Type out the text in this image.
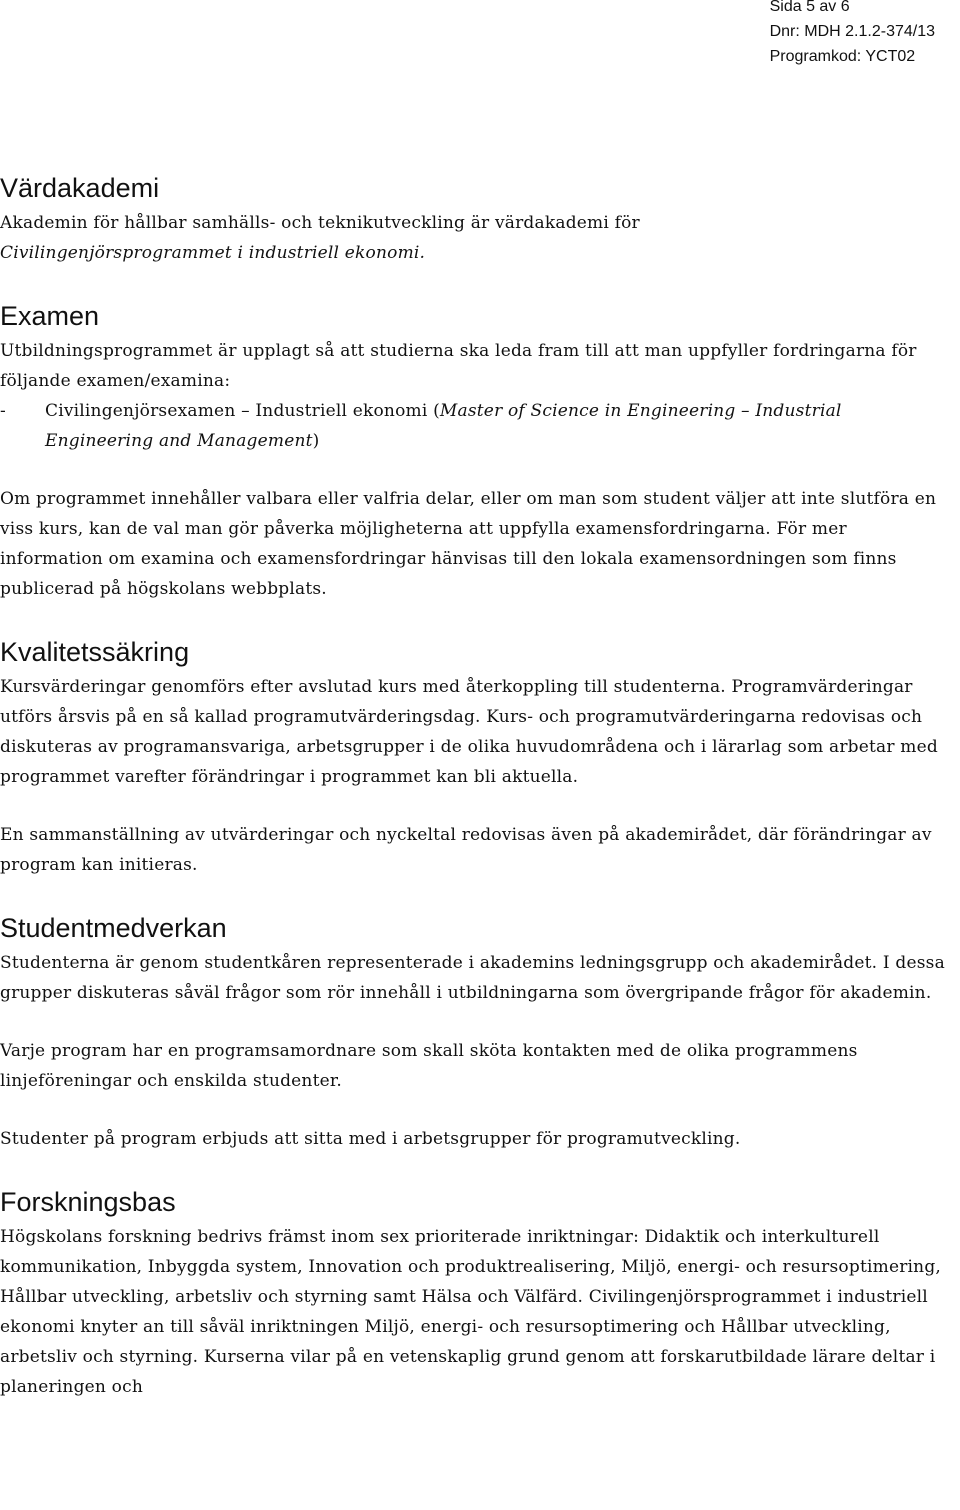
Sida 5 av 6
Dnr: MDH 2.1.2-374/13
Programkod: YCT02
Värdakademi

Akademin för hållbar samhälls- och teknikutveckling är värdakademi för
Civilingenjörsprogrammet i industriell ekonomi.

Examen

Utbildningsprogrammet är upplagt så att studierna ska leda fram till att man uppfyller fordringarna för följande examen/examina:

-	Civilingenjörsexamen – Industriell ekonomi (Master of Science in Engineering – Industrial Engineering and Management)

Om programmet innehåller valbara eller valfria delar, eller om man som student väljer att inte slutföra en viss kurs, kan de val man gör påverka möjligheterna att uppfylla examensfordringarna. För mer information om examina och examensfordringar hänvisas till den lokala examensordningen som finns publicerad på högskolans webbplats.

Kvalitetssäkring

Kursvärderingar genomförs efter avslutad kurs med återkoppling till studenterna. Programvärderingar utförs årsvis på en så kallad programutvärderingsdag. Kurs- och programutvärderingarna redovisas och diskuteras av programansvariga, arbetsgrupper i de olika huvudområdena och i lärarlag som arbetar med programmet varefter förändringar i programmet kan bli aktuella.

En sammanställning av utvärderingar och nyckeltal redovisas även på akademirådet, där förändringar av program kan initieras.

Studentmedverkan

Studenterna är genom studentkåren representerade i akademins ledningsgrupp och akademirådet. I dessa grupper diskuteras såväl frågor som rör innehåll i utbildningarna som övergripande frågor för akademin.

Varje program har en programsamordnare som skall sköta kontakten med de olika programmens linjeföreningar och enskilda studenter.

Studenter på program erbjuds att sitta med i arbetsgrupper för programutveckling.

Forskningsbas

Högskolans forskning bedrivs främst inom sex prioriterade inriktningar: Didaktik och interkulturell kommunikation, Inbyggda system, Innovation och produktrealisering, Miljö, energi- och resursoptimering, Hållbar utveckling, arbetsliv och styrning samt Hälsa och Välfärd. Civilingenjörsprogrammet i industriell ekonomi knyter an till såväl inriktningen Miljö, energi- och resursoptimering och Hållbar utveckling, arbetsliv och styrning. Kurserna vilar på en vetenskaplig grund genom att forskarutbildade lärare deltar i planeringen och
